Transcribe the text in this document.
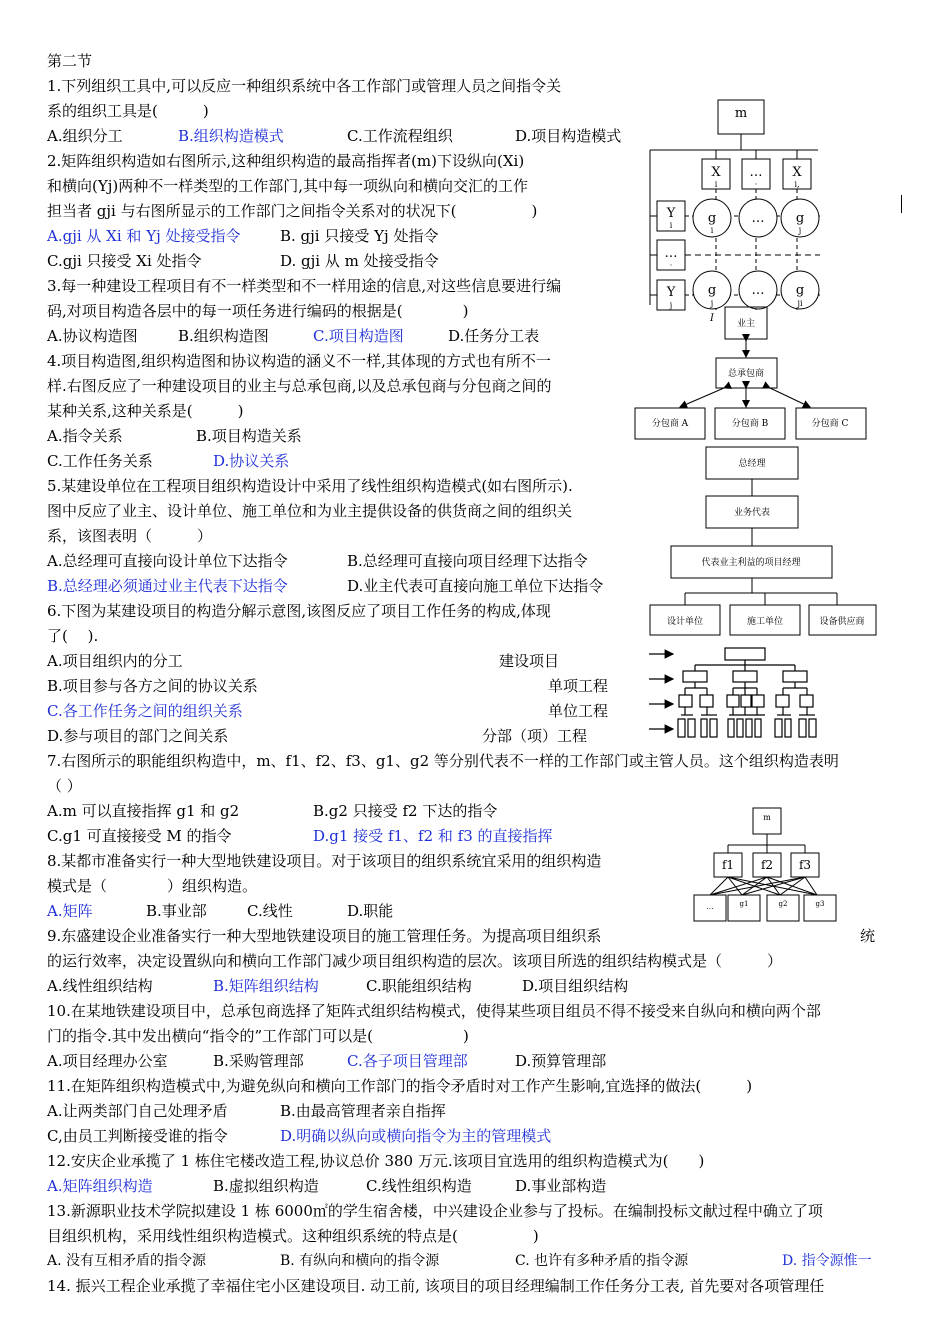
第二节
1.下列组织工具中,可以反应一种组织系统中各工作部门或管理人员之间指令关
系的组织工具是(　　　)
A.组织分工	B.组织构造模式	C.工作流程组织	D.项目构造模式
2.矩阵组织构造如右图所示,这种组织构造的最高指挥者(m)下设纵向(Xi)
和横向(Yj)两种不一样类型的工作部门,其中每一项纵向和横向交汇的工作
担当者 gji 与右图所显示的工作部门之间指令关系对的状况下(　　　　　)
A.gji 从 Xi 和 Yj 处接受指令	B. gji 只接受 Yj 处指令
C.gji 只接受 Xi 处指令	D. gji 从 m 处接受指令
3.每一种建设工程项目有不一样类型和不一样用途的信息,对这些信息要进行编
码,对项目构造各层中的每一项任务进行编码的根据是(　　　　)
A.协议构造图	B.组织构造图	C.项目构造图	D.任务分工表
4.项目构造图,组织构造图和协议构造的涵义不一样,其体现的方式也有所不一
样.右图反应了一种建设项目的业主与总承包商,以及总承包商与分包商之间的
某种关系,这种关系是(　　　)
A.指令关系	B.项目构造关系
C.工作任务关系	D.协议关系
5.某建设单位在工程项目组织构造设计中采用了线性组织构造模式(如右图所示).
图中反应了业主、设计单位、施工单位和为业主提供设备的供货商之间的组织关
系，该图表明（　　　）
A.总经理可直接向设计单位下达指令	B.总经理可直接向项目经理下达指令
B.总经理必须通过业主代表下达指令	D.业主代表可直接向施工单位下达指令
6.下图为某建设项目的构造分解示意图,该图反应了项目工作任务的构成,体现
了(　 ).
A.项目组织内的分工
B.项目参与各方之间的协议关系
C.各工作任务之间的组织关系
D.参与项目的部门之间关系
建设项目
单项工程
单位工程
分部（项）工程
7.右图所示的职能组织构造中，m、f1、f2、f3、g1、g2 等分别代表不一样的工作部门或主管人员。这个组织构造表明
（ ）
A.m 可以直接指挥 g1 和 g2	B.g2 只接受 f2 下达的指令
C.g1 可直接接受 M 的指令	D.g1 接受 f1、f2 和 f3 的直接指挥
8.某都市准备实行一种大型地铁建设项目。对于该项目的组织系统宜采用的组织构造
模式是（　　　　）组织构造。
A.矩阵	B.事业部	C.线性	D.职能
9.东盛建设企业准备实行一种大型地铁建设项目的施工管理任务。为提高项目组织系	统
的运行效率，决定设置纵向和横向工作部门减少项目组织构造的层次。该项目所选的组织结构模式是（　　　）
A.线性组织结构	B.矩阵组织结构	C.职能组织结构	D.项目组织结构
10.在某地铁建设项目中，总承包商选择了矩阵式组织结构模式，使得某些项目组员不得不接受来自纵向和横向两个部
门的指令.其中发出横向“指令的”工作部门可以是(　　　　　　)
A.项目经理办公室	B.采购管理部	C.各子项目管理部	D.预算管理部
11.在矩阵组织构造模式中,为避免纵向和横向工作部门的指令矛盾时对工作产生影响,宜选择的做法(　　　)
A.让两类部门自己处理矛盾	B.由最高管理者亲自指挥
C,由员工判断接受谁的指令	D.明确以纵向或横向指令为主的管理模式
12.安庆企业承揽了 1 栋住宅楼改造工程,协议总价 380 万元.该项目宜选用的组织构造模式为(　　)
A.矩阵组织构造	B.虚拟组织构造	C.线性组织构造	D.事业部构造
13.新源职业技术学院拟建设 1 栋 6000㎡的学生宿舍楼，中兴建设企业参与了投标。在编制投标文献过程中确立了项
目组织机构，采用线性组织构造模式。这种组织系统的特点是(　　　　　)
A. 没有互相矛盾的指令源	B. 有纵向和横向的指令源	C. 也许有多种矛盾的指令源	D. 指令源惟一
14. 振兴工程企业承揽了幸福住宅小区建设项目. 动工前, 该项目的项目经理编制工作任务分工表, 首先要对各项管理任
m
X
i
…
·
X
i,
Y
i
…
·
Y
j
g	… g
i	j
g	… g
j	ji
I	业主
总承包商
分包商 A	分包商 B	分包商 C
总经理
业务代表
代表业主利益的项目经理
设计单位	施工单位	设备供应商
m
f1 f2 f3
…	g1	g2	g3
